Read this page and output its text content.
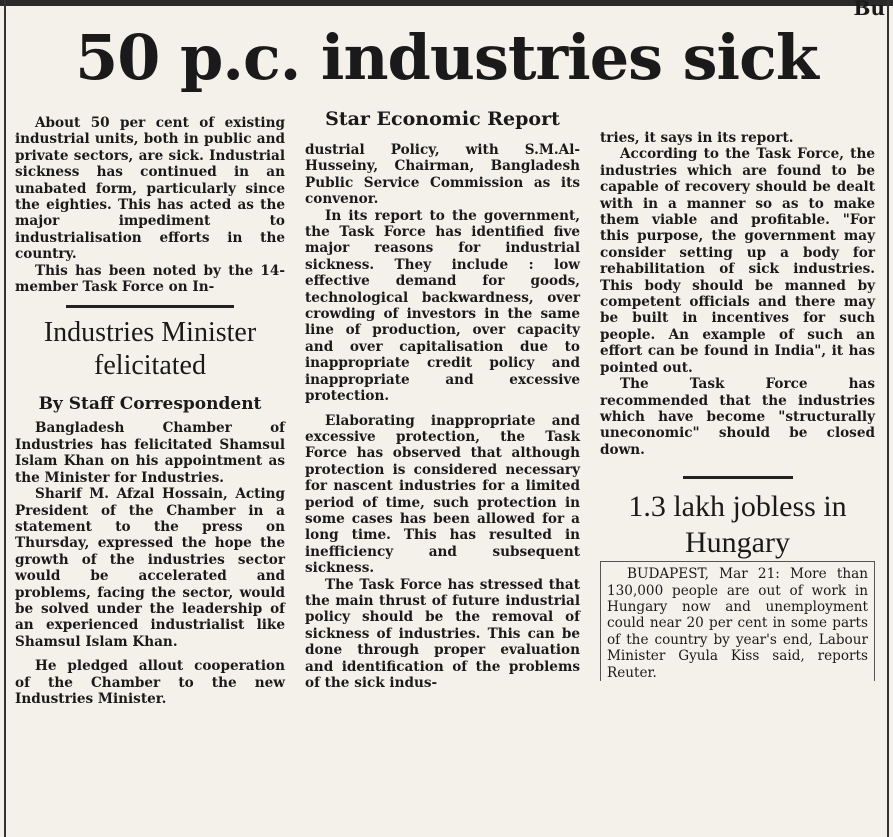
Bu
50 p.c. industries sick

About 50 per cent of existing industrial units, both in public and private sectors, are sick. Industrial sickness has continued in an unabated form, particularly since the eighties. This has acted as the major impediment to industrialisation efforts in the country.

This has been noted by the 14-member Task Force on In-

Industries Minister felicitated
By Staff Correspondent

Bangladesh Chamber of Industries has felicitated Shamsul Islam Khan on his appointment as the Minister for Industries.

Sharif M. Afzal Hossain, Acting President of the Chamber in a statement to the press on Thursday, expressed the hope the growth of the industries sector would be accelerated and problems, facing the sector, would be solved under the leadership of an experienced industrialist like Shamsul Islam Khan.

He pledged allout cooperation of the Chamber to the new Industries Minister.

Star Economic Report

dustrial Policy, with S.M.Al-Husseiny, Chairman, Bangladesh Public Service Commission as its convenor.

In its report to the government, the Task Force has identified five major reasons for industrial sickness. They include : low effective demand for goods, technological backwardness, over crowding of investors in the same line of production, over capacity and over capitalisation due to inappropriate credit policy and inappropriate and excessive protection.

Elaborating inappropriate and excessive protection, the Task Force has observed that although protection is considered necessary for nascent industries for a limited period of time, such protection in some cases has been allowed for a long time. This has resulted in inefficiency and subsequent sickness.

The Task Force has stressed that the main thrust of future industrial policy should be the removal of sickness of industries. This can be done through proper evaluation and identification of the problems of the sick indus-

tries, it says in its report.

According to the Task Force, the industries which are found to be capable of recovery should be dealt with in a manner so as to make them viable and profitable. "For this purpose, the government may consider setting up a body for rehabilitation of sick industries. This body should be manned by competent officials and there may be built in incentives for such people. An example of such an effort can be found in India", it has pointed out.

The Task Force has recommended that the industries which have become "structurally uneconomic" should be closed down.

1.3 lakh jobless in Hungary

BUDAPEST, Mar 21: More than 130,000 people are out of work in Hungary now and unemployment could near 20 per cent in some parts of the country by year's end, Labour Minister Gyula Kiss said, reports Reuter.
